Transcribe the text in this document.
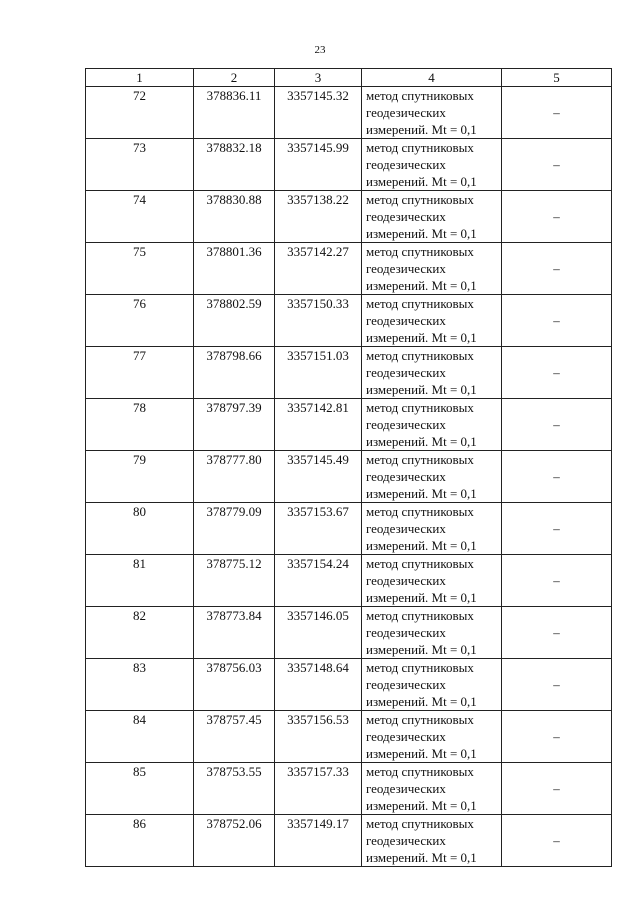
23
1	2	3	4	5
72	378836.11	3357145.32	метод спутниковых
геодезических
измерений. Mt = 0,1	–
73	378832.18	3357145.99	метод спутниковых
геодезических
измерений. Mt = 0,1	–
74	378830.88	3357138.22	метод спутниковых
геодезических
измерений. Mt = 0,1	–
75	378801.36	3357142.27	метод спутниковых
геодезических
измерений. Mt = 0,1	–
76	378802.59	3357150.33	метод спутниковых
геодезических
измерений. Mt = 0,1	–
77	378798.66	3357151.03	метод спутниковых
геодезических
измерений. Mt = 0,1	–
78	378797.39	3357142.81	метод спутниковых
геодезических
измерений. Mt = 0,1	–
79	378777.80	3357145.49	метод спутниковых
геодезических
измерений. Mt = 0,1	–
80	378779.09	3357153.67	метод спутниковых
геодезических
измерений. Mt = 0,1	–
81	378775.12	3357154.24	метод спутниковых
геодезических
измерений. Mt = 0,1	–
82	378773.84	3357146.05	метод спутниковых
геодезических
измерений. Mt = 0,1	–
83	378756.03	3357148.64	метод спутниковых
геодезических
измерений. Mt = 0,1	–
84	378757.45	3357156.53	метод спутниковых
геодезических
измерений. Mt = 0,1	–
85	378753.55	3357157.33	метод спутниковых
геодезических
измерений. Mt = 0,1	–
86	378752.06	3357149.17	метод спутниковых
геодезических
измерений. Mt = 0,1	–
